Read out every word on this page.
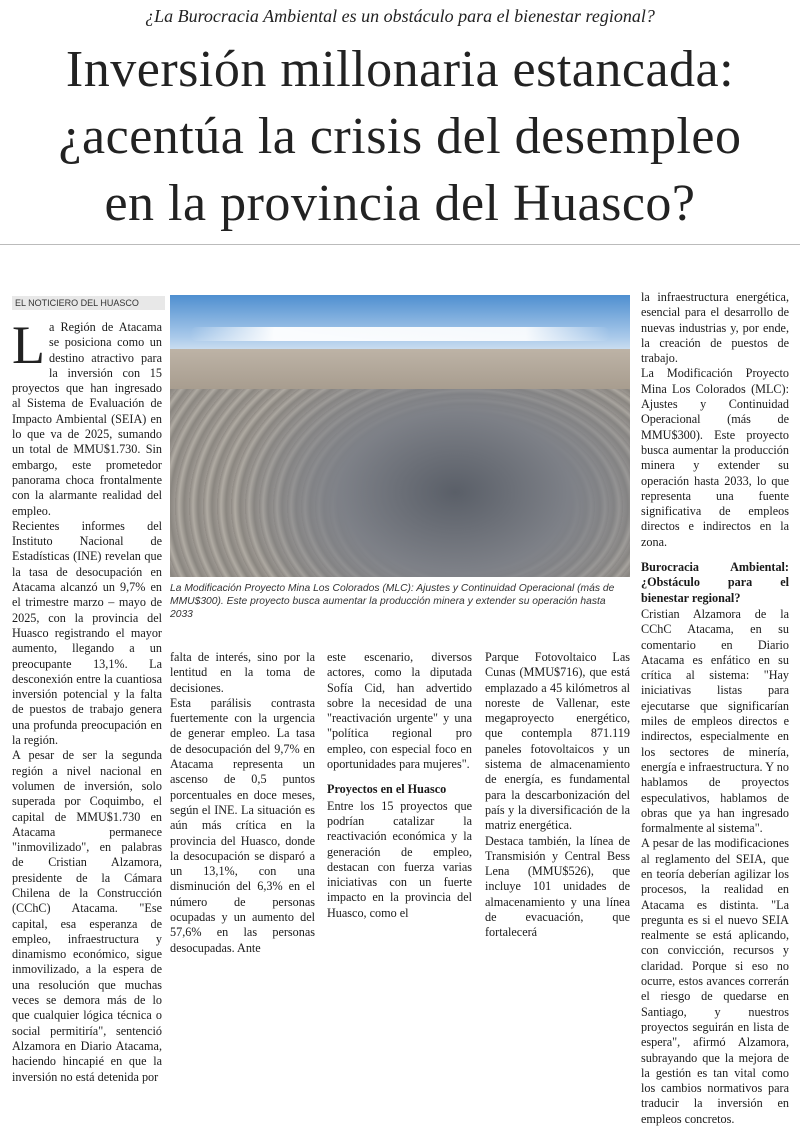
¿La Burocracia Ambiental es un obstáculo para el bienestar regional?
Inversión millonaria estancada:
¿acentúa la crisis del desempleo
en la provincia del Huasco?
EL NOTICIERO DEL HUASCO

La Región de Atacama se posiciona como un destino atractivo para la inversión con 15 proyectos que han ingresado al Sistema de Evaluación de Impacto Ambiental (SEIA) en lo que va de 2025, sumando un total de MMU$1.730. Sin embargo, este prometedor panorama choca frontalmente con la alarmante realidad del empleo.

Recientes informes del Instituto Nacional de Estadísticas (INE) revelan que la tasa de desocupación en Atacama alcanzó un 9,7% en el trimestre marzo – mayo de 2025, con la provincia del Huasco registrando el mayor aumento, llegando a un preocupante 13,1%. La desconexión entre la cuantiosa inversión potencial y la falta de puestos de trabajo genera una profunda preocupación en la región.

A pesar de ser la segunda región a nivel nacional en volumen de inversión, solo superada por Coquimbo, el capital de MMU$1.730 en Atacama permanece "inmovilizado", en palabras de Cristian Alzamora, presidente de la Cámara Chilena de la Construcción (CChC) Atacama. "Ese capital, esa esperanza de empleo, infraestructura y dinamismo económico, sigue inmovilizado, a la espera de una resolución que muchas veces se demora más de lo que cualquier lógica técnica o social permitiría", sentenció Alzamora en Diario Atacama, haciendo hincapié en que la inversión no está detenida por

La Modificación Proyecto Mina Los Colorados (MLC): Ajustes y Continuidad Operacional (más de MMU$300). Este proyecto busca aumentar la producción minera y extender su operación hasta 2033

falta de interés, sino por la lentitud en la toma de decisiones.

Esta parálisis contrasta fuertemente con la urgencia de generar empleo. La tasa de desocupación del 9,7% en Atacama representa un ascenso de 0,5 puntos porcentuales en doce meses, según el INE. La situación es aún más crítica en la provincia del Huasco, donde la desocupación se disparó a un 13,1%, con una disminución del 6,3% en el número de personas ocupadas y un aumento del 57,6% en las personas desocupadas. Ante

este escenario, diversos actores, como la diputada Sofía Cid, han advertido sobre la necesidad de una "reactivación urgente" y una "política regional pro empleo, con especial foco en oportunidades para mujeres".

Proyectos en el Huasco

Entre los 15 proyectos que podrían catalizar la reactivación económica y la generación de empleo, destacan con fuerza varias iniciativas con un fuerte impacto en la provincia del Huasco, como el

Parque Fotovoltaico Las Cunas (MMU$716), que está emplazado a 45 kilómetros al noreste de Vallenar, este megaproyecto energético, que contempla 871.119 paneles fotovoltaicos y un sistema de almacenamiento de energía, es fundamental para la descarbonización del país y la diversificación de la matriz energética.

Destaca también, la línea de Transmisión y Central Bess Lena (MMU$526), que incluye 101 unidades de almacenamiento y una línea de evacuación, que fortalecerá

la infraestructura energética, esencial para el desarrollo de nuevas industrias y, por ende, la creación de puestos de trabajo.

La Modificación Proyecto Mina Los Colorados (MLC): Ajustes y Continuidad Operacional (más de MMU$300). Este proyecto busca aumentar la producción minera y extender su operación hasta 2033, lo que representa una fuente significativa de empleos directos e indirectos en la zona.

Burocracia Ambiental: ¿Obstáculo para el bienestar regional?

Cristian Alzamora de la CChC Atacama, en su comentario en Diario Atacama es enfático en su crítica al sistema: "Hay iniciativas listas para ejecutarse que significarían miles de empleos directos e indirectos, especialmente en los sectores de minería, energía e infraestructura. Y no hablamos de proyectos especulativos, hablamos de obras que ya han ingresado formalmente al sistema".

A pesar de las modificaciones al reglamento del SEIA, que en teoría deberían agilizar los procesos, la realidad en Atacama es distinta. "La pregunta es si el nuevo SEIA realmente se está aplicando, con convicción, recursos y claridad. Porque si eso no ocurre, estos avances correrán el riesgo de quedarse en Santiago, y nuestros proyectos seguirán en lista de espera", afirmó Alzamora, subrayando que la mejora de la gestión es tan vital como los cambios normativos para traducir la inversión en empleos concretos.
